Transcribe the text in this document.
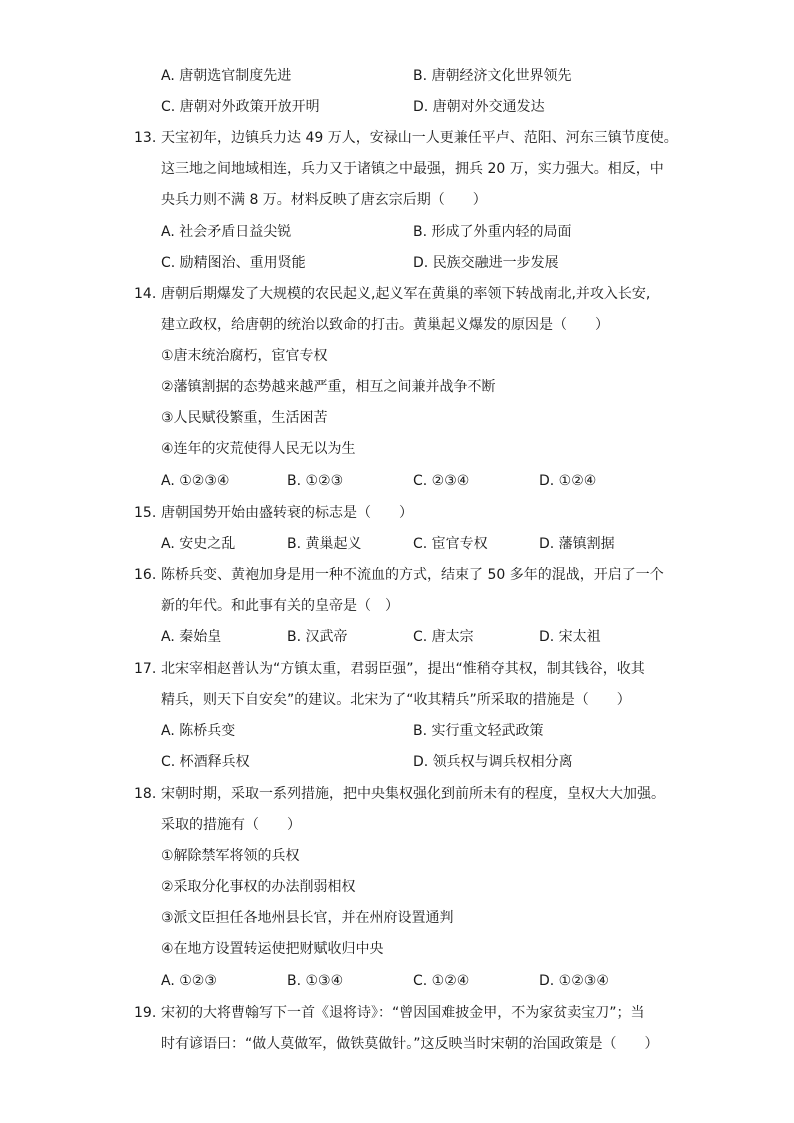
A. 唐朝选官制度先进	B. 唐朝经济文化世界领先
C. 唐朝对外政策开放开明	D. 唐朝对外交通发达
13. 天宝初年，边镇兵力达 49 万人，安禄山一人更兼任平卢、范阳、河东三镇节度使。
这三地之间地域相连，兵力又于诸镇之中最强，拥兵 20 万，实力强大。相反，中
央兵力则不满 8 万。材料反映了唐玄宗后期（　　）
A. 社会矛盾日益尖锐	B. 形成了外重内轻的局面
C. 励精图治、重用贤能	D. 民族交融进一步发展
14. 唐朝后期爆发了大规模的农民起义,起义军在黄巢的率领下转战南北,并攻入长安,
建立政权，给唐朝的统治以致命的打击。黄巢起义爆发的原因是（　　）
①唐末统治腐朽，宦官专权
②藩镇割据的态势越来越严重，相互之间兼并战争不断
③人民赋役繁重，生活困苦
④连年的灾荒使得人民无以为生
A. ①②③④	B. ①②③	C. ②③④	D. ①②④
15. 唐朝国势开始由盛转衰的标志是（　　）
A. 安史之乱	B. 黄巢起义	C. 宦官专权	D. 藩镇割据
16. 陈桥兵变、黄袍加身是用一种不流血的方式，结束了 50 多年的混战，开启了一个
新的年代。和此事有关的皇帝是（　）
A. 秦始皇	B. 汉武帝	C. 唐太宗	D. 宋太祖
17. 北宋宰相赵普认为“方镇太重，君弱臣强”，提出“惟稍夺其权，制其钱谷，收其
精兵，则天下自安矣”的建议。北宋为了“收其精兵”所采取的措施是（　　）
A. 陈桥兵变	B. 实行重文轻武政策
C. 杯酒释兵权	D. 领兵权与调兵权相分离
18. 宋朝时期，采取一系列措施，把中央集权强化到前所未有的程度，皇权大大加强。
采取的措施有（　　）
①解除禁军将领的兵权
②采取分化事权的办法削弱相权
③派文臣担任各地州县长官，并在州府设置通判
④在地方设置转运使把财赋收归中央
A. ①②③	B. ①③④	C. ①②④	D. ①②③④
19. 宋初的大将曹翰写下一首《退将诗》：“曾因国难披金甲，不为家贫卖宝刀”；当
时有谚语曰：“做人莫做军，做铁莫做针。”这反映当时宋朝的治国政策是（　　）
